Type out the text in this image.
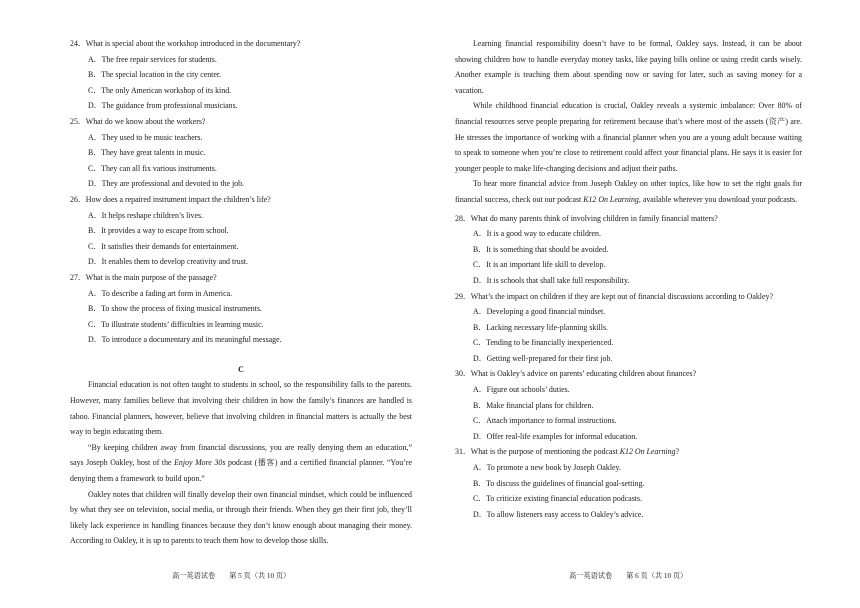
24．What is special about the workshop introduced in the documentary?
A．The free repair services for students.
B．The special location in the city center.
C．The only American workshop of its kind.
D．The guidance from professional musicians.
25．What do we know about the workers?
A．They used to be music teachers.
B．They have great talents in music.
C．They can all fix various instruments.
D．They are professional and devoted to the job.
26．How does a repaired instrument impact the children’s life?
A．It helps reshape children’s lives.
B．It provides a way to escape from school.
C．It satisfies their demands for entertainment.
D．It enables them to develop creativity and trust.
27．What is the main purpose of the passage?
A．To describe a fading art form in America.
B．To show the process of fixing musical instruments.
C．To illustrate students’ difficulties in learning music.
D．To introduce a documentary and its meaningful message.
C
Financial education is not often taught to students in school, so the responsibility falls to the parents. However, many families believe that involving their children in how the family’s finances are handled is taboo. Financial planners, however, believe that involving children in financial matters is actually the best way to begin educating them.
“By keeping children away from financial discussions, you are really denying them an education,” says Joseph Oakley, host of the Enjoy More 30s podcast (播客) and a certified financial planner. “You’re denying them a framework to build upon.”
Oakley notes that children will finally develop their own financial mindset, which could be influenced by what they see on television, social media, or through their friends. When they get their first job, they’ll likely lack experience in handling finances because they don’t know enough about managing their money. According to Oakley, it is up to parents to teach them how to develop those skills.
高一英语试卷 第 5 页（共 10 页）
Learning financial responsibility doesn’t have to be formal, Oakley says. Instead, it can be about showing children how to handle everyday money tasks, like paying bills online or using credit cards wisely. Another example is teaching them about spending now or saving for later, such as saving money for a vacation.
While childhood financial education is crucial, Oakley reveals a systemic imbalance: Over 80% of financial resources serve people preparing for retirement because that’s where most of the assets (资产) are. He stresses the importance of working with a financial planner when you are a young adult because waiting to speak to someone when you’re close to retirement could affect your financial plans. He says it is easier for younger people to make life-changing decisions and adjust their paths.
To hear more financial advice from Joseph Oakley on other topics, like how to set the right goals for financial success, check out our podcast K12 On Learning, available wherever you download your podcasts.
28．What do many parents think of involving children in family financial matters?
A．It is a good way to educate children.
B．It is something that should be avoided.
C．It is an important life skill to develop.
D．It is schools that shall take full responsibility.
29．What’s the impact on children if they are kept out of financial discussions according to Oakley?
A．Developing a good financial mindset.
B．Lacking necessary life-planning skills.
C．Tending to be financially inexperienced.
D．Getting well-prepared for their first job.
30．What is Oakley’s advice on parents’ educating children about finances?
A．Figure out schools’ duties.
B．Make financial plans for children.
C．Attach importance to formal instructions.
D．Offer real-life examples for informal education.
31．What is the purpose of mentioning the podcast K12 On Learning?
A．To promote a new book by Joseph Oakley.
B．To discuss the guidelines of financial goal-setting.
C．To criticize existing financial education podcasts.
D．To allow listeners easy access to Oakley’s advice.
高一英语试卷 第 6 页（共 10 页）
